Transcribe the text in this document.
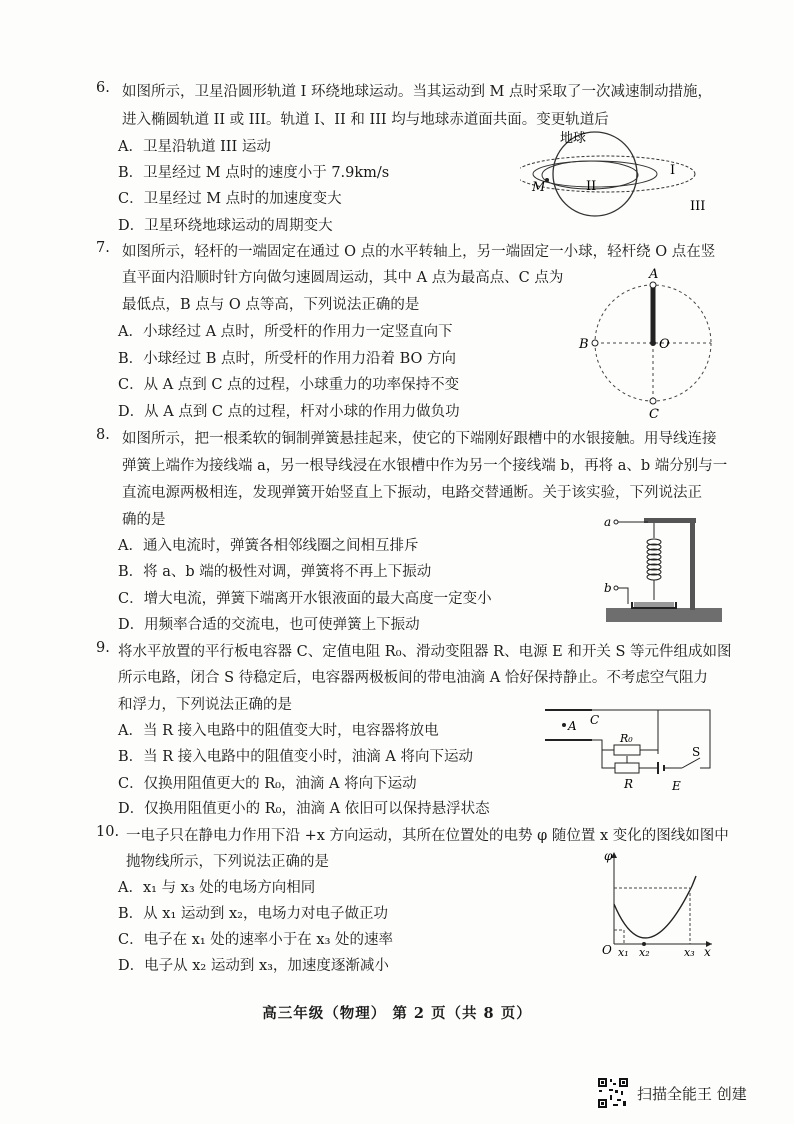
6. 如图所示，卫星沿圆形轨道 I 环绕地球运动。当其运动到 M 点时采取了一次减速制动措施，
进入椭圆轨道 II 或 III。轨道 I、II 和 III 均与地球赤道面共面。变更轨道后
A．卫星沿轨道 III 运动
B．卫星经过 M 点时的速度小于 7.9km/s
C．卫星经过 M 点时的加速度变大
D．卫星环绕地球运动的周期变大
地球
M	II
I
III
7. 如图所示，轻杆的一端固定在通过 O 点的水平转轴上，另一端固定一小球，轻杆绕 O 点在竖
直平面内沿顺时针方向做匀速圆周运动，其中 A 点为最高点、C 点为
最低点，B 点与 O 点等高，下列说法正确的是
A．小球经过 A 点时，所受杆的作用力一定竖直向下
B．小球经过 B 点时，所受杆的作用力沿着 BO 方向
C．从 A 点到 C 点的过程，小球重力的功率保持不变
D．从 A 点到 C 点的过程，杆对小球的作用力做负功
A
B	O
C
8. 如图所示，把一根柔软的铜制弹簧悬挂起来，使它的下端刚好跟槽中的水银接触。用导线连接
弹簧上端作为接线端 a，另一根导线浸在水银槽中作为另一个接线端 b，再将 a、b 端分别与一
直流电源两极相连，发现弹簧开始竖直上下振动，电路交替通断。关于该实验，下列说法正
确的是
A．通入电流时，弹簧各相邻线圈之间相互排斥
B．将 a、b 端的极性对调，弹簧将不再上下振动
C．增大电流，弹簧下端离开水银液面的最大高度一定变小
D．用频率合适的交流电，也可使弹簧上下振动
a
b
9. 将水平放置的平行板电容器 C、定值电阻 R₀、滑动变阻器 R、电源 E 和开关 S 等元件组成如图
所示电路，闭合 S 待稳定后，电容器两极板间的带电油滴 A 恰好保持静止。不考虑空气阻力
和浮力，下列说法正确的是
A．当 R 接入电路中的阻值变大时，电容器将放电
B．当 R 接入电路中的阻值变小时，油滴 A 将向下运动
C．仅换用阻值更大的 R₀，油滴 A 将向下运动
D．仅换用阻值更小的 R₀，油滴 A 依旧可以保持悬浮状态
C
A
R₀
R
S
E
10. 一电子只在静电力作用下沿 +x 方向运动，其所在位置处的电势 φ 随位置 x 变化的图线如图中
抛物线所示，下列说法正确的是
A．x₁ 与 x₃ 处的电场方向相同
B．从 x₁ 运动到 x₂，电场力对电子做正功
C．电子在 x₁ 处的速率小于在 x₃ 处的速率
D．电子从 x₂ 运动到 x₃，加速度逐渐减小
φ
O x₁ x₂	x₃ x
高三年级（物理） 第 2 页（共 8 页）
扫描全能王 创建
